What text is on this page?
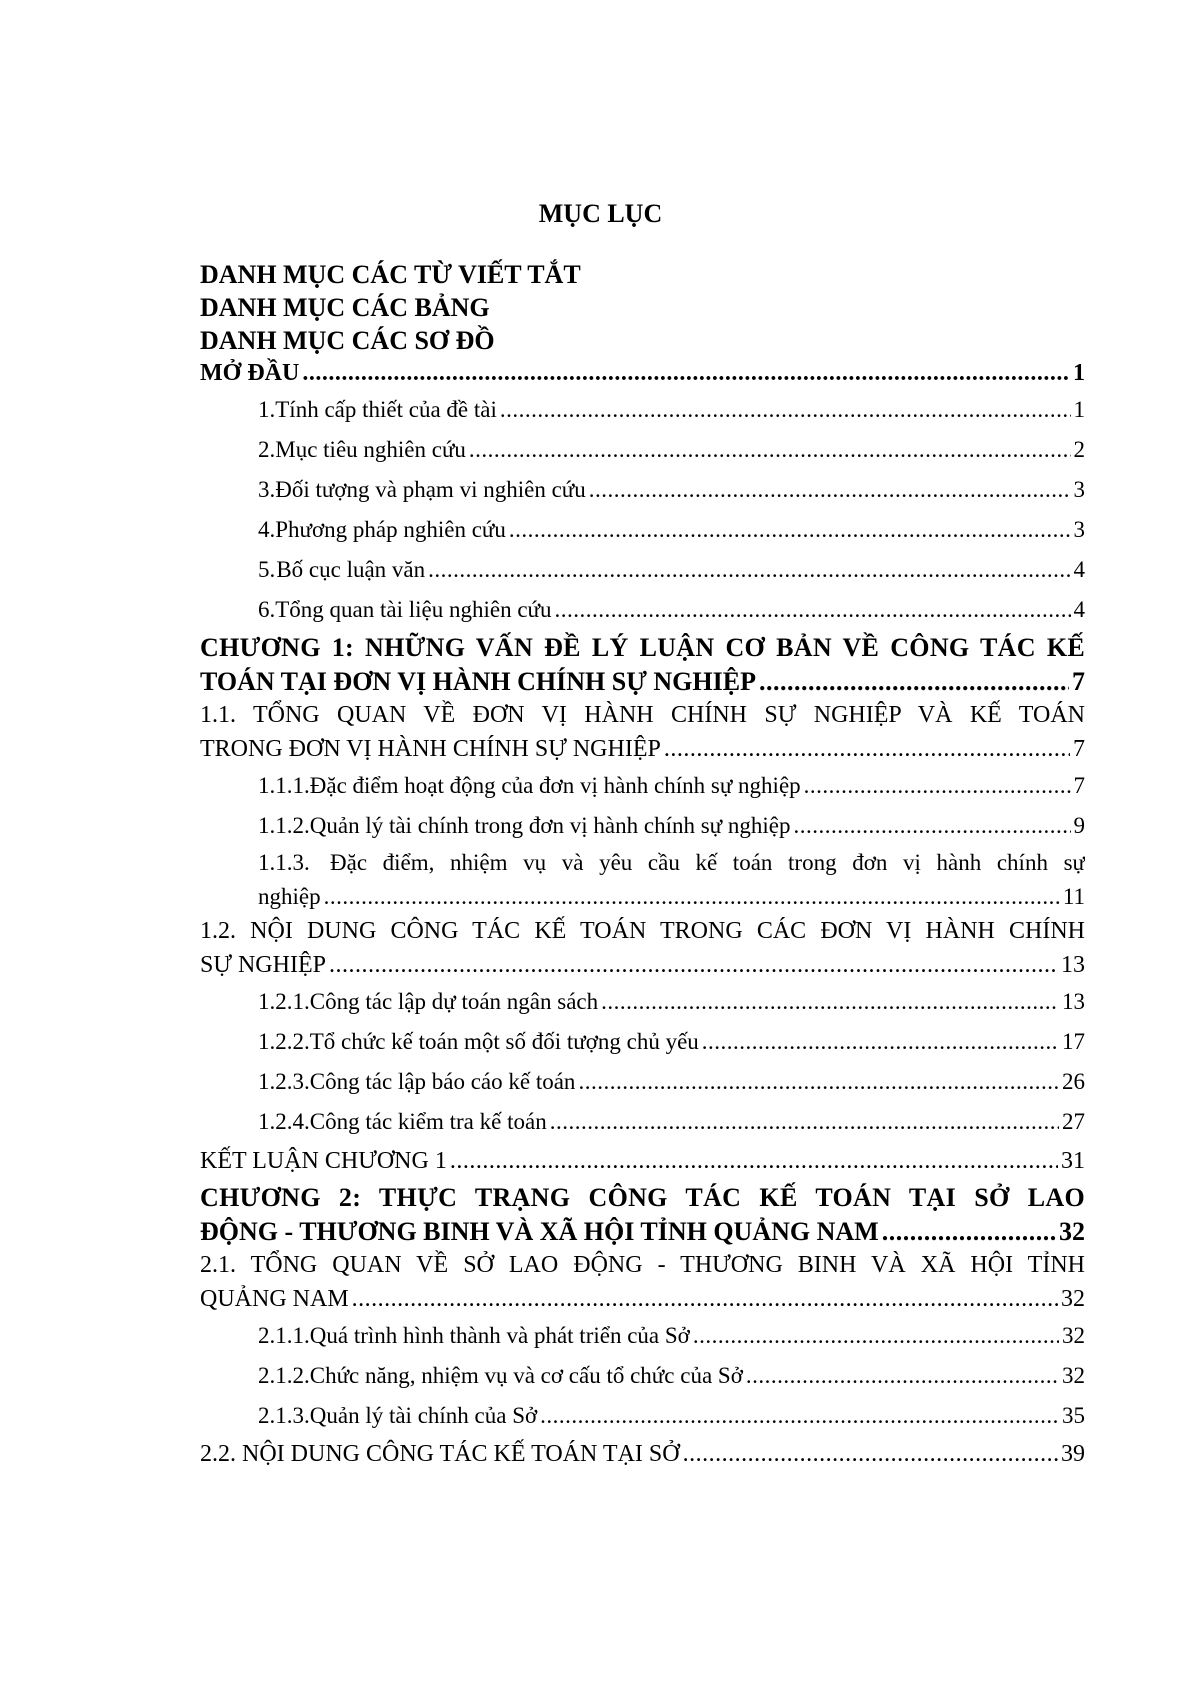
MỤC LỤC
DANH MỤC CÁC TỪ VIẾT TẮT
DANH MỤC CÁC BẢNG
DANH MỤC CÁC SƠ ĐỒ
MỞ ĐẦU .....	1
1. Tính cấp thiết của đề tài .....	1
2. Mục tiêu nghiên cứu .....	2
3. Đối tượng và phạm vi nghiên cứu .....	3
4. Phương pháp nghiên cứu .....	3
5. Bố cục luận văn .....	4
6. Tổng quan tài liệu nghiên cứu .....	4
CHƯƠNG 1: NHỮNG VẤN ĐỀ LÝ LUẬN CƠ BẢN VỀ CÔNG TÁC KẾ
TOÁN TẠI ĐƠN VỊ HÀNH CHÍNH SỰ NGHIỆP .....	7
1.1. TỔNG QUAN VỀ ĐƠN VỊ HÀNH CHÍNH SỰ NGHIỆP VÀ KẾ TOÁN
TRONG ĐƠN VỊ HÀNH CHÍNH SỰ NGHIỆP .....	7
1.1.1. Đặc điểm hoạt động của đơn vị hành chính sự nghiệp .....	7
1.1.2. Quản lý tài chính trong đơn vị hành chính sự nghiệp .....	9
1.1.3. Đặc điểm, nhiệm vụ và yêu cầu kế toán trong đơn vị hành chính sự
nghiệp .....	11
1.2. NỘI DUNG CÔNG TÁC KẾ TOÁN TRONG CÁC ĐƠN VỊ HÀNH CHÍNH
SỰ NGHIỆP .....	13
1.2.1. Công tác lập dự toán ngân sách .....	13
1.2.2. Tổ chức kế toán một số đối tượng chủ yếu .....	17
1.2.3. Công tác lập báo cáo kế toán .....	26
1.2.4. Công tác kiểm tra kế toán .....	27
KẾT LUẬN CHƯƠNG 1 .....	31
CHƯƠNG 2: THỰC TRẠNG CÔNG TÁC KẾ TOÁN TẠI SỞ LAO
ĐỘNG - THƯƠNG BINH VÀ XÃ HỘI TỈNH QUẢNG NAM .....	32
2.1. TỔNG QUAN VỀ SỞ LAO ĐỘNG - THƯƠNG BINH VÀ XÃ HỘI TỈNH
QUẢNG NAM .....	32
2.1.1. Quá trình hình thành và phát triển của Sở .....	32
2.1.2. Chức năng, nhiệm vụ và cơ cấu tổ chức của Sở .....	32
2.1.3. Quản lý tài chính của Sở .....	35
2.2. NỘI DUNG CÔNG TÁC KẾ TOÁN TẠI SỞ .....	39
